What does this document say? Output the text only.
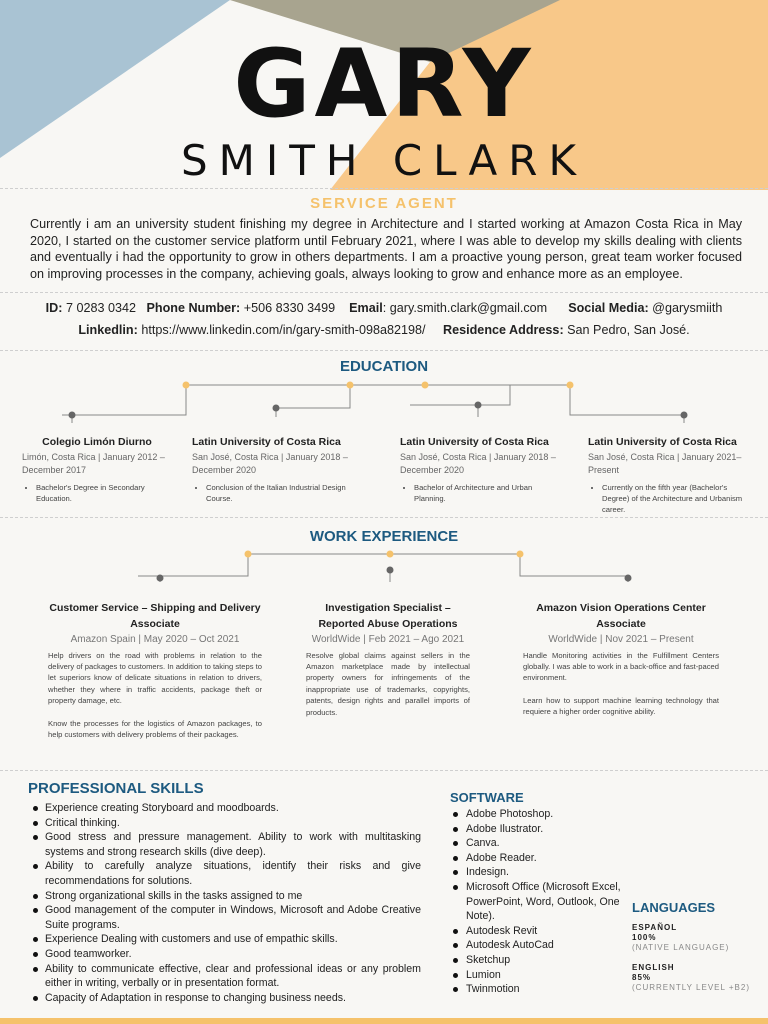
GARY
SMITH CLARK
SERVICE AGENT
Currently i am an university student finishing my degree in Architecture and I started working at Amazon Costa Rica in May 2020, I started on the customer service platform until February 2021, where I was able to develop my skills dealing with clients and eventually i had the opportunity to grow in others departments. I am a proactive young person, great team worker focused on improving processes in the company, achieving goals, always looking to grow and enhance more as an employee.
ID: 7 0283 0342 Phone Number: +506 8330 3499 Email: gary.smith.clark@gmail.com Social Media: @garysmiith
Linkedlin: https://www.linkedin.com/in/gary-smith-098a82198/ Residence Address: San Pedro, San José.
EDUCATION
Colegio Limón Diurno
Limón, Costa Rica | January 2012 – December 2017
• Bachelor's Degree in Secondary Education.
Latin University of Costa Rica
San José, Costa Rica | January 2018 – December 2020
• Conclusion of the Italian Industrial Design Course.
Latin University of Costa Rica
San José, Costa Rica | January 2018 – December 2020
• Bachelor of Architecture and Urban Planning.
Latin University of Costa Rica
San José, Costa Rica | January 2021– Present
• Currently on the fifth year (Bachelor's Degree) of the Architecture and Urbanism career.
WORK EXPERIENCE
Customer Service – Shipping and Delivery Associate
Amazon Spain | May 2020 – Oct 2021

Help drivers on the road with problems in relation to the delivery of packages to customers. In addition to taking steps to let superiors know of delicate situations in relation to drivers, whether they where in traffic accidents, package theft or property damage, etc.

Know the processes for the logistics of Amazon packages, to help customers with delivery problems of their packages.

Investigation Specialist – Reported Abuse Operations
WorldWide | Feb 2021 – Ago 2021

Resolve global claims against sellers in the Amazon marketplace made by intellectual property owners for infringements of the inappropriate use of trademarks, copyrights, patents, design rights and parallel imports of products.

Amazon Vision Operations Center Associate
WorldWide | Nov 2021 – Present

Handle Monitoring activities in the Fulfillment Centers globally. I was able to work in a back-office and fast-paced environment.

Learn how to support machine learning technology that requiere a higher order cognitive ability.

PROFESSIONAL SKILLS
Experience creating Storyboard and moodboards.
Critical thinking.
Good stress and pressure management. Ability to work with multitasking systems and strong research skills (dive deep).
Ability to carefully analyze situations, identify their risks and give recommendations for solutions.
Strong organizational skills in the tasks assigned to me
Good management of the computer in Windows, Microsoft and Adobe Creative Suite programs.
Experience Dealing with customers and use of empathic skills.
Good teamworker.
Ability to communicate effective, clear and professional ideas or any problem either in writing, verbally or in presentation format.
Capacity of Adaptation in response to changing business needs.
SOFTWARE
Adobe Photoshop.
Adobe Ilustrator.
Canva.
Adobe Reader.
Indesign.
Microsoft Office (Microsoft Excel, PowerPoint, Word, Outlook, One Note).
Autodesk Revit
Autodesk AutoCad
Sketchup
Lumion
Twinmotion
LANGUAGES
ESPAÑOL
100%
(NATIVE LANGUAGE)
ENGLISH
85%
(CURRENTLY LEVEL +B2)
